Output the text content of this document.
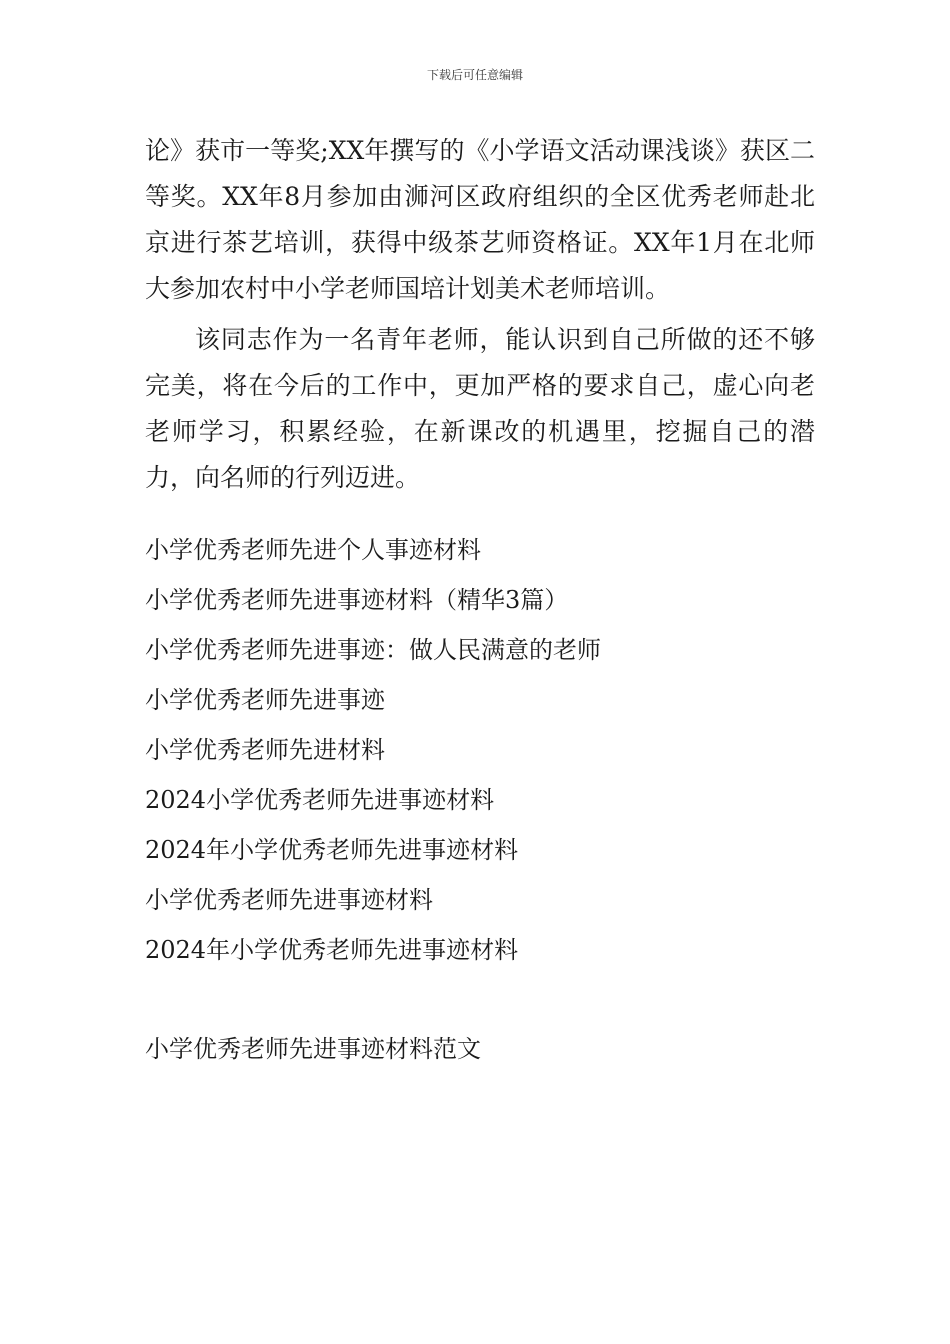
下载后可任意编辑

论》获市一等奖;XX年撰写的《小学语文活动课浅谈》获区二等奖。XX年8月参加由浉河区政府组织的全区优秀老师赴北京进行茶艺培训，获得中级茶艺师资格证。XX年1月在北师大参加农村中小学老师国培计划美术老师培训。

该同志作为一名青年老师，能认识到自己所做的还不够完美，将在今后的工作中，更加严格的要求自己，虚心向老老师学习，积累经验，在新课改的机遇里，挖掘自己的潜力，向名师的行列迈进。

小学优秀老师先进个人事迹材料
小学优秀老师先进事迹材料（精华3篇）
小学优秀老师先进事迹：做人民满意的老师
小学优秀老师先进事迹
小学优秀老师先进材料
2024小学优秀老师先进事迹材料
2024年小学优秀老师先进事迹材料
小学优秀老师先进事迹材料
2024年小学优秀老师先进事迹材料
小学优秀老师先进事迹材料范文
